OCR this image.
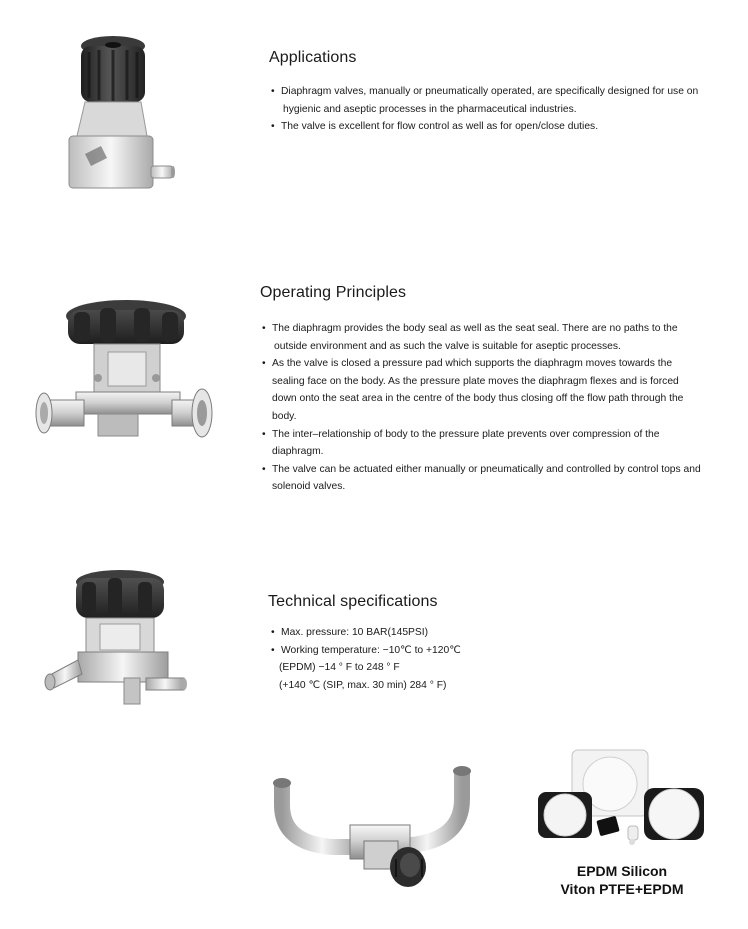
Applications
• Diaphragm valves, manually or pneumatically operated, are specifically designed for use on
hygienic and aseptic processes in the pharmaceutical industries.
• The valve is excellent for flow control as well as for open/close duties.
Operating Principles
• The diaphragm provides the body seal as well as the seat seal. There are no paths to the
outside environment and as such the valve is suitable for aseptic processes.
• As the valve is closed a pressure pad which supports the diaphragm moves towards the
sealing face on the body. As the pressure plate moves the diaphragm flexes and is forced
down onto the seat area in the centre of the body thus closing off the flow path through the
body.
• The inter–relationship of body to the pressure plate prevents over compression of the
diaphragm.
• The valve can be actuated either manually or pneumatically and controlled by control tops and
solenoid valves.
Technical specifications
• Max. pressure: 10 BAR(145PSI)
• Working temperature: −10℃ to +120℃
(EPDM) −14 ° F to 248 ° F
(+140 ℃ (SIP, max. 30 min) 284 ° F)
EPDM Silicon
Viton PTFE+EPDM
